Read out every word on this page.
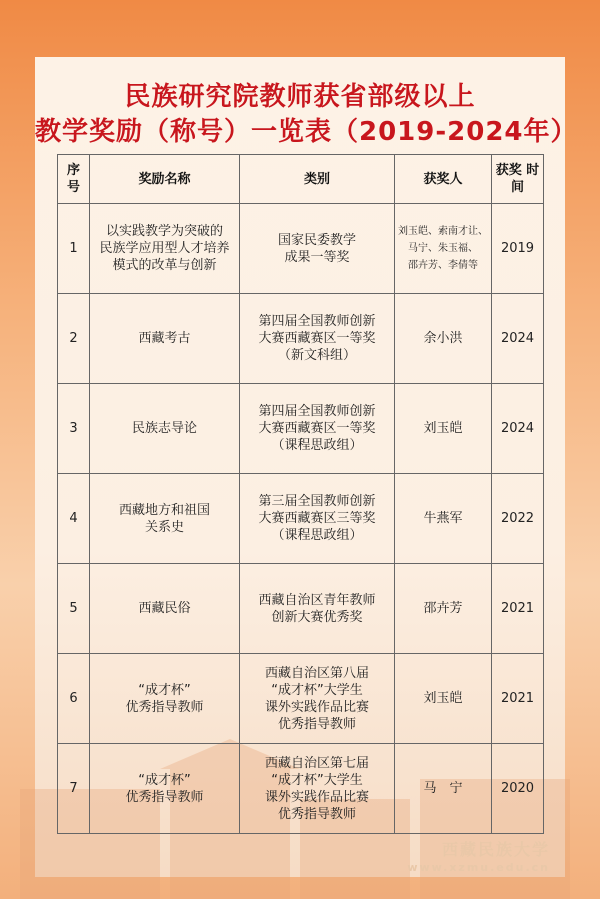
民族研究院教师获省部级以上
教学奖励（称号）一览表（2019-2024年）
序 号	奖励名称	类别	获奖人	获奖 时间
1	以实践教学为突破的
民族学应用型人才培养
模式的改革与创新	国家民委教学
成果一等奖	刘玉皑、索南才让、
马宁、朱玉福、
邵卉芳、李倩等	2019
2	西藏考古	第四届全国教师创新
大赛西藏赛区一等奖
（新文科组）	余小洪	2024
3	民族志导论	第四届全国教师创新
大赛西藏赛区一等奖
（课程思政组）	刘玉皑	2024
4	西藏地方和祖国
关系史	第三届全国教师创新
大赛西藏赛区三等奖
（课程思政组）	牛燕军	2022
5	西藏民俗	西藏自治区青年教师
创新大赛优秀奖	邵卉芳	2021
6	“成才杯”
优秀指导教师	西藏自治区第八届
“成才杯”大学生
课外实践作品比赛
优秀指导教师	刘玉皑	2021
7	“成才杯”
优秀指导教师	西藏自治区第七届
“成才杯”大学生
课外实践作品比赛
优秀指导教师	马　宁	2020
西藏民族大学
www.xzmu.edu.cn
